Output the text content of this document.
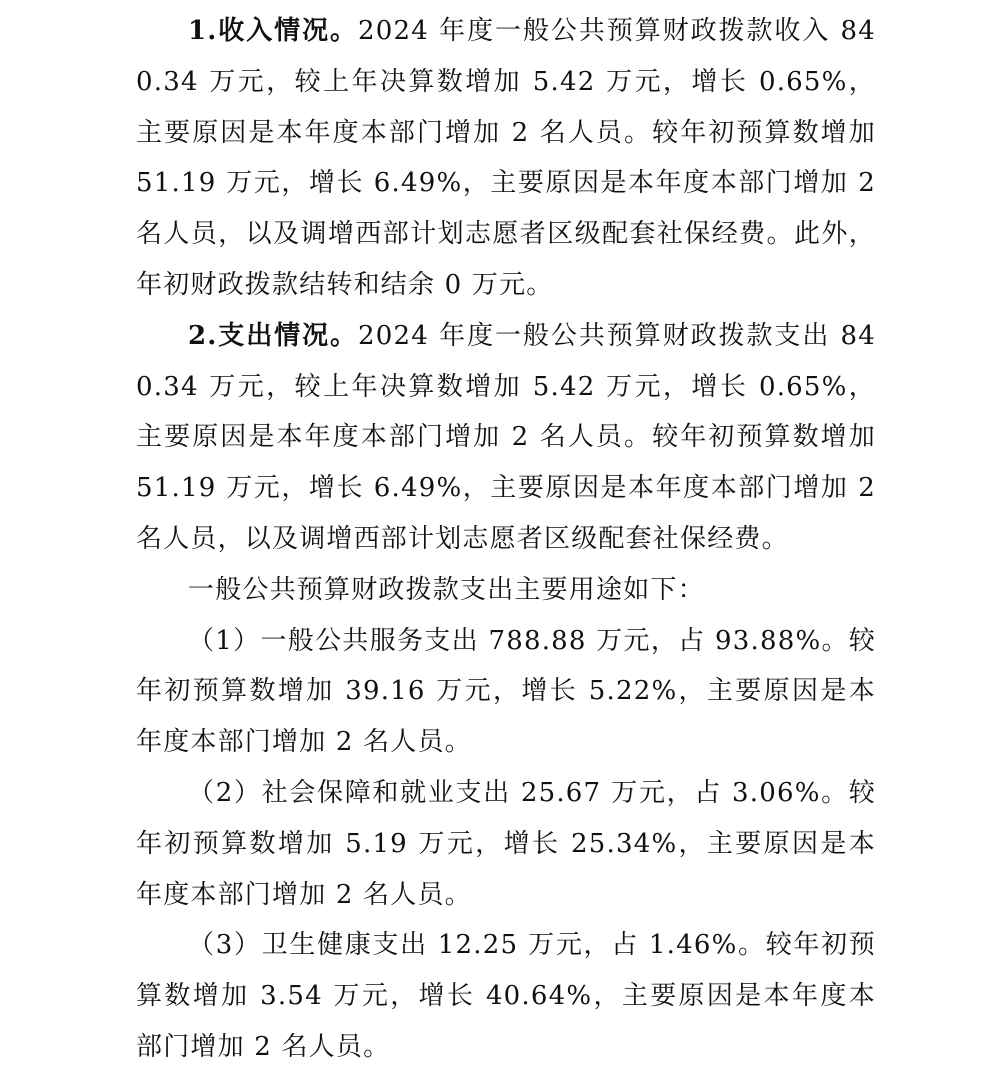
1.收入情况。2024 年度一般公共预算财政拨款收入 840.34 万元，较上年决算数增加 5.42 万元，增长 0.65%，主要原因是本年度本部门增加 2 名人员。较年初预算数增加 51.19 万元，增长 6.49%，主要原因是本年度本部门增加 2 名人员，以及调增西部计划志愿者区级配套社保经费。此外，年初财政拨款结转和结余 0 万元。

2.支出情况。2024 年度一般公共预算财政拨款支出 840.34 万元，较上年决算数增加 5.42 万元，增长 0.65%，主要原因是本年度本部门增加 2 名人员。较年初预算数增加 51.19 万元，增长 6.49%，主要原因是本年度本部门增加 2 名人员，以及调增西部计划志愿者区级配套社保经费。

一般公共预算财政拨款支出主要用途如下：

（1）一般公共服务支出 788.88 万元，占 93.88%。较年初预算数增加 39.16 万元，增长 5.22%，主要原因是本年度本部门增加 2 名人员。

（2）社会保障和就业支出 25.67 万元，占 3.06%。较年初预算数增加 5.19 万元，增长 25.34%，主要原因是本年度本部门增加 2 名人员。

（3）卫生健康支出 12.25 万元，占 1.46%。较年初预算数增加 3.54 万元，增长 40.64%，主要原因是本年度本部门增加 2 名人员。
